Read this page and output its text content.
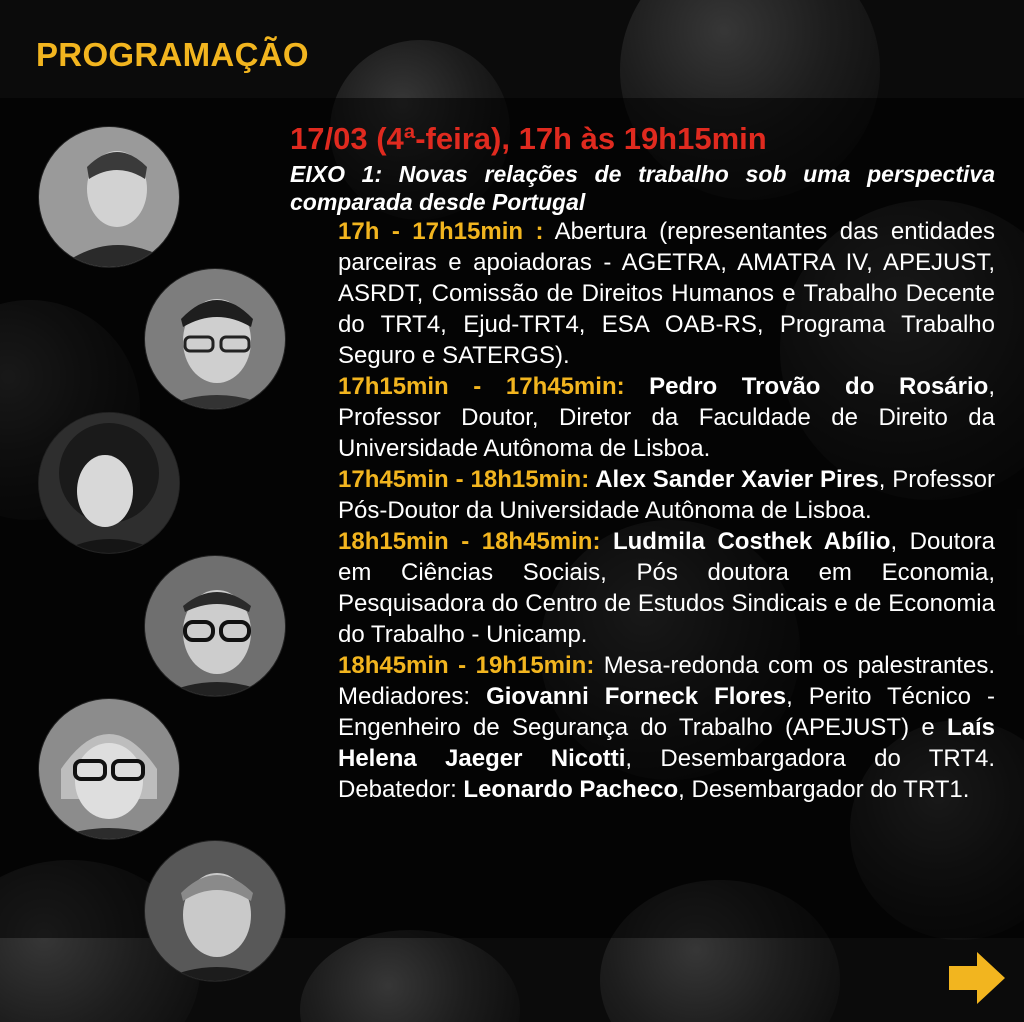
PROGRAMAÇÃO

17/03 (4ª-feira), 17h às 19h15min

EIXO 1: Novas relações de trabalho sob uma perspectiva comparada desde Portugal

17h - 17h15min : Abertura (representantes das entidades parceiras e apoiadoras - AGETRA, AMATRA IV, APEJUST, ASRDT, Comissão de Direitos Humanos e Trabalho Decente do TRT4, Ejud-TRT4, ESA OAB-RS, Programa Trabalho Seguro e SATERGS).

17h15min - 17h45min: Pedro Trovão do Rosário, Professor Doutor, Diretor da Faculdade de Direito da Universidade Autônoma de Lisboa.

17h45min - 18h15min: Alex Sander Xavier Pires, Professor Pós-Doutor da Universidade Autônoma de Lisboa.

18h15min - 18h45min: Ludmila Costhek Abílio, Doutora em Ciências Sociais, Pós doutora em Economia, Pesquisadora do Centro de Estudos Sindicais e de Economia do Trabalho - Unicamp.

18h45min - 19h15min: Mesa-redonda com os palestrantes. Mediadores: Giovanni Forneck Flores, Perito Técnico - Engenheiro de Segurança do Trabalho (APEJUST) e Laís Helena Jaeger Nicotti, Desembargadora do TRT4. Debatedor: Leonardo Pacheco, Desembargador do TRT1.
